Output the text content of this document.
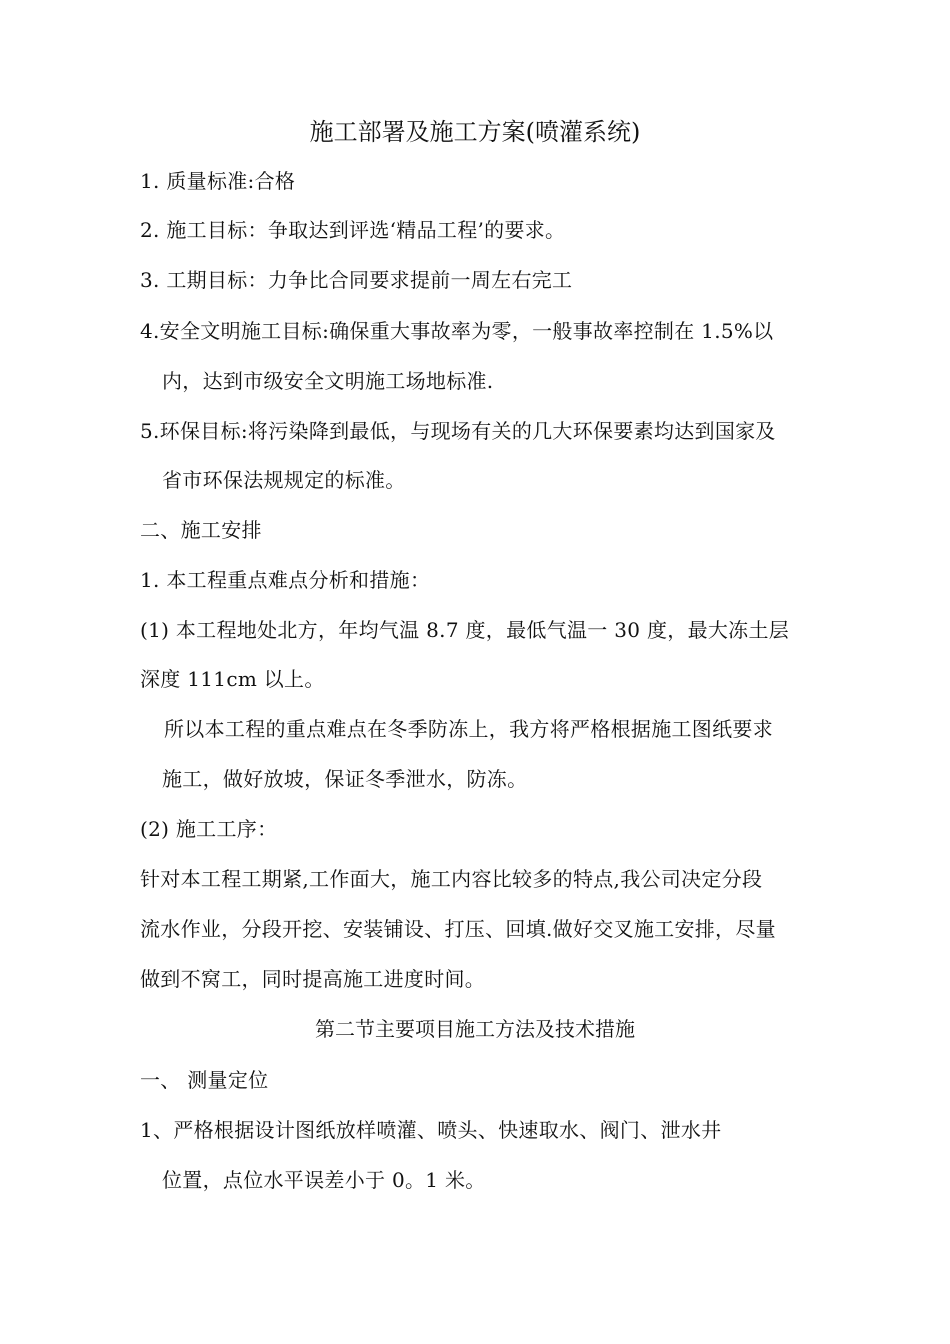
施工部署及施工方案(喷灌系统)
1. 质量标准:合格
2. 施工目标：争取达到评选‘精品工程’的要求。
3. 工期目标：力争比合同要求提前一周左右完工
4.安全文明施工目标:确保重大事故率为零，一般事故率控制在 1.5%以
内，达到市级安全文明施工场地标准.
5.环保目标:将污染降到最低，与现场有关的几大环保要素均达到国家及
省市环保法规规定的标准。
二、施工安排
1. 本工程重点难点分析和措施：
(1) 本工程地处北方，年均气温 8.7 度，最低气温一 30 度，最大冻土层
深度 111cm 以上。
所以本工程的重点难点在冬季防冻上，我方将严格根据施工图纸要求
施工，做好放坡，保证冬季泄水，防冻。
(2) 施工工序：
针对本工程工期紧,工作面大，施工内容比较多的特点,我公司决定分段
流水作业，分段开挖、安装铺设、打压、回填.做好交叉施工安排，尽量
做到不窝工，同时提高施工进度时间。
第二节主要项目施工方法及技术措施
一、 测量定位
1、严格根据设计图纸放样喷灌、喷头、快速取水、阀门、泄水井
位置，点位水平误差小于 0。1 米。
